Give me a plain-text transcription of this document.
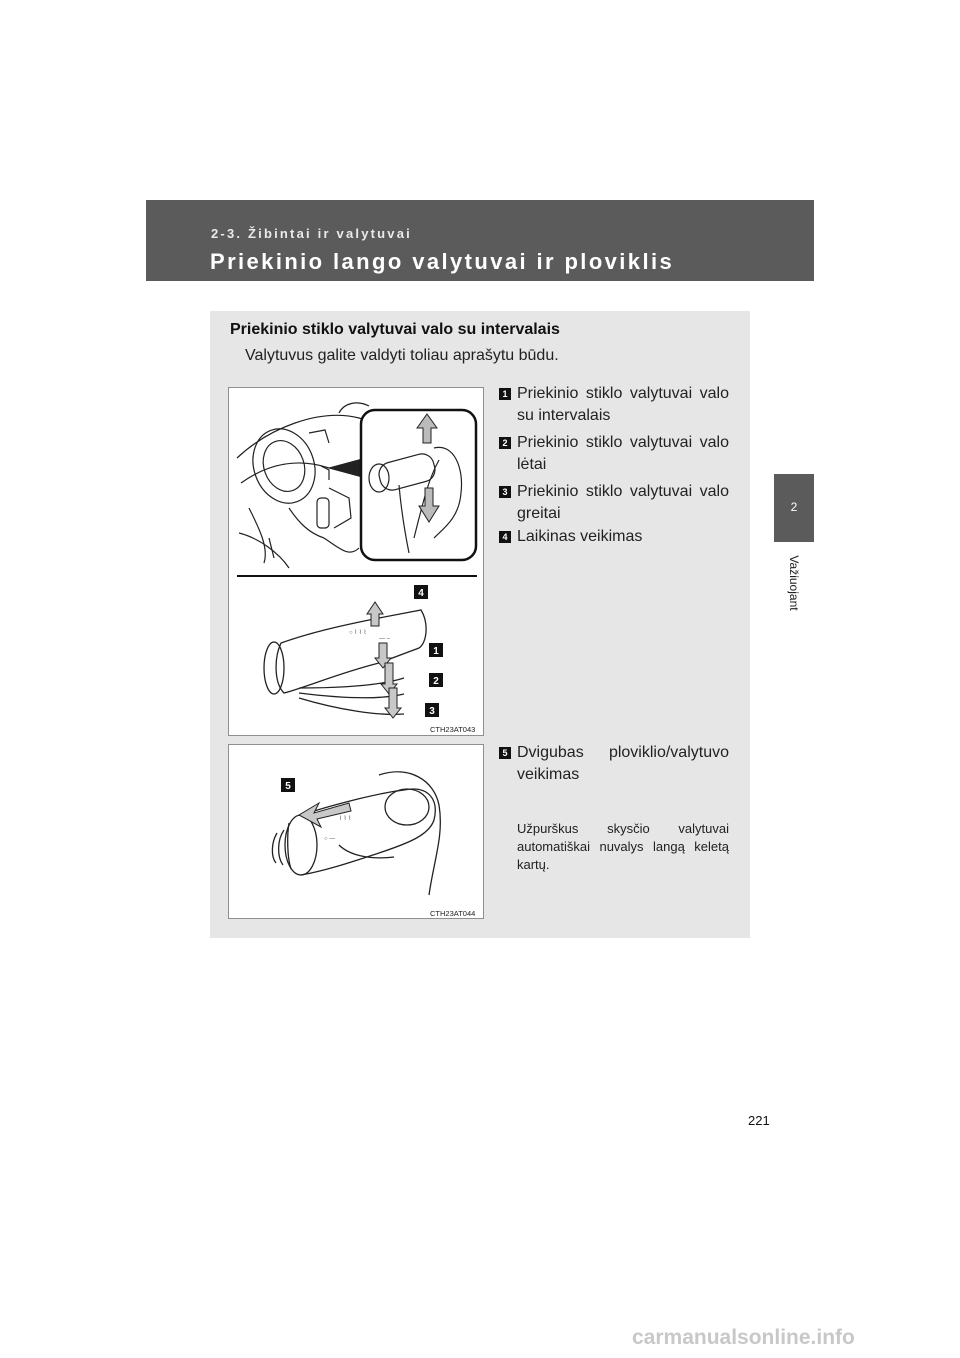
2-3. Žibintai ir valytuvai
Priekinio lango valytuvai ir ploviklis
2
Važiuojant
Priekinio stiklo valytuvai valo su intervalais
Valytuvus galite valdyti toliau aprašytu būdu.
○ ⌇ ⌇ ⌇
— –
4
1
2
3
CTH23AT043
⌇ ⌇ ⌇
○ —
5
CTH23AT044
1 Priekinio stiklo valytuvai valo su intervalais
2 Priekinio stiklo valytuvai valo lėtai
3 Priekinio stiklo valytuvai valo greitai
4 Laikinas veikimas
5 Dvigubas ploviklio/valytuvo veikimas
Užpurškus skysčio valytuvai automatiškai nuvalys langą keletą kartų.
221
carmanualsonline.info
